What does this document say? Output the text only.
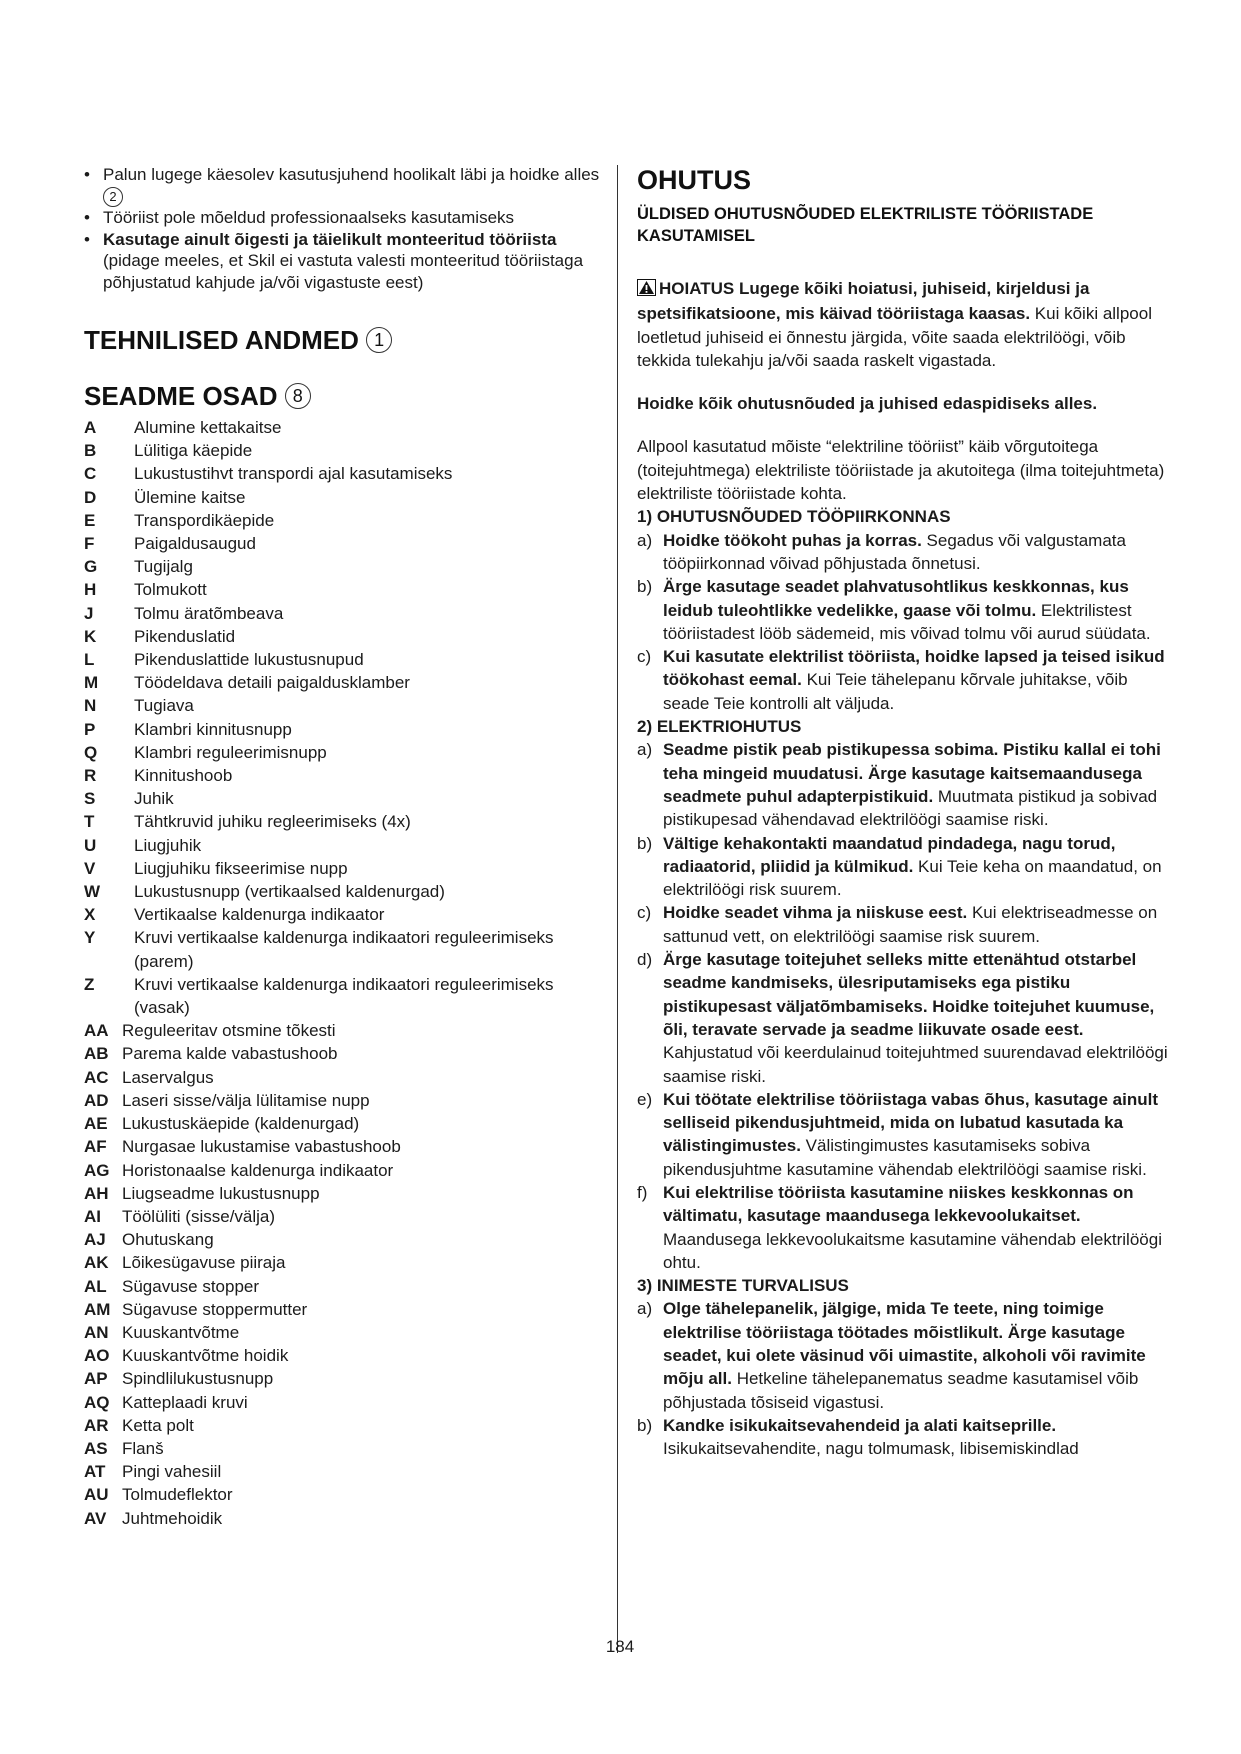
• Palun lugege käesolev kasutusjuhend hoolikalt läbi ja hoidke alles 2
• Tööriist pole mõeldud professionaalseks kasutamiseks
• Kasutage ainult õigesti ja täielikult monteeritud tööriista (pidage meeles, et Skil ei vastuta valesti monteeritud tööriistaga põhjustatud kahjude ja/või vigastuste eest)
TEHNILISED ANDMED 1
SEADME OSAD 8
A	Alumine kettakaitse
B	Lülitiga käepide
C	Lukustustihvt transpordi ajal kasutamiseks
D	Ülemine kaitse
E	Transpordikäepide
F	Paigaldusaugud
G	Tugijalg
H	Tolmukott
J	Tolmu äratõmbeava
K	Pikenduslatid
L	Pikenduslattide lukustusnupud
M	Töödeldava detaili paigaldusklamber
N	Tugiava
P	Klambri kinnitusnupp
Q	Klambri reguleerimisnupp
R	Kinnitushoob
S	Juhik
T	Tähtkruvid juhiku regleerimiseks (4x)
U	Liugjuhik
V	Liugjuhiku fikseerimise nupp
W	Lukustusnupp (vertikaalsed kaldenurgad)
X	Vertikaalse kaldenurga indikaator
Y	Kruvi vertikaalse kaldenurga indikaatori reguleerimiseks (parem)
Z	Kruvi vertikaalse kaldenurga indikaatori reguleerimiseks (vasak)
AA Reguleeritav otsmine tõkesti
AB Parema kalde vabastushoob
AC Laservalgus
AD Laseri sisse/välja lülitamise nupp
AE Lukustuskäepide (kaldenurgad)
AF Nurgasae lukustamise vabastushoob
AG Horistonaalse kaldenurga indikaator
AH Liugseadme lukustusnupp
AI	Töölüliti (sisse/välja)
AJ Ohutuskang
AK Lõikesügavuse piiraja
AL Sügavuse stopper
AM Sügavuse stoppermutter
AN Kuuskantvõtme
AO Kuuskantvõtme hoidik
AP Spindlilukustusnupp
AQ Katteplaadi kruvi
AR Ketta polt
AS Flanš
AT Pingi vahesiil
AU Tolmudeflektor
AV Juhtmehoidik
OHUTUS
ÜLDISED OHUTUSNÕUDED ELEKTRILISTE TÖÖRIISTADE KASUTAMISEL

HOIATUS Lugege kõiki hoiatusi, juhiseid, kirjeldusi ja spetsifikatsioone, mis käivad tööriistaga kaasas. Kui kõiki allpool loetletud juhiseid ei õnnestu järgida, võite saada elektrilöögi, võib tekkida tulekahju ja/või saada raskelt vigastada.

Hoidke kõik ohutusnõuded ja juhised edaspidiseks alles.

Allpool kasutatud mõiste “elektriline tööriist” käib võrgutoitega (toitejuhtmega) elektriliste tööriistade ja akutoitega (ilma toitejuhtmeta) elektriliste tööriistade kohta.

1) OHUTUSNÕUDED TÖÖPIIRKONNAS
a) Hoidke töökoht puhas ja korras. Segadus või valgustamata tööpiirkonnad võivad põhjustada õnnetusi.
b) Ärge kasutage seadet plahvatusohtlikus keskkonnas, kus leidub tuleohtlikke vedelikke, gaase või tolmu. Elektrilistest tööriistadest lööb sädemeid, mis võivad tolmu või aurud süüdata.
c) Kui kasutate elektrilist tööriista, hoidke lapsed ja teised isikud töökohast eemal. Kui Teie tähelepanu kõrvale juhitakse, võib seade Teie kontrolli alt väljuda.
2) ELEKTRIOHUTUS
a) Seadme pistik peab pistikupessa sobima. Pistiku kallal ei tohi teha mingeid muudatusi. Ärge kasutage kaitsemaandusega seadmete puhul adapterpistikuid. Muutmata pistikud ja sobivad pistikupesad vähendavad elektrilöögi saamise riski.
b) Vältige kehakontakti maandatud pindadega, nagu torud, radiaatorid, pliidid ja külmikud. Kui Teie keha on maandatud, on elektrilöögi risk suurem.
c) Hoidke seadet vihma ja niiskuse eest. Kui elektriseadmesse on sattunud vett, on elektrilöögi saamise risk suurem.
d) Ärge kasutage toitejuhet selleks mitte ettenähtud otstarbel seadme kandmiseks, ülesriputamiseks ega pistiku pistikupesast väljatõmbamiseks. Hoidke toitejuhet kuumuse, õli, teravate servade ja seadme liikuvate osade eest. Kahjustatud või keerdulainud toitejuhtmed suurendavad elektrilöögi saamise riski.
e) Kui töötate elektrilise tööriistaga vabas õhus, kasutage ainult selliseid pikendusjuhtmeid, mida on lubatud kasutada ka välistingimustes. Välistingimustes kasutamiseks sobiva pikendusjuhtme kasutamine vähendab elektrilöögi saamise riski.
f) Kui elektrilise tööriista kasutamine niiskes keskkonnas on vältimatu, kasutage maandusega lekkevoolukaitset. Maandusega lekkevoolukaitsme kasutamine vähendab elektrilöögi ohtu.
3) INIMESTE TURVALISUS
a) Olge tähelepanelik, jälgige, mida Te teete, ning toimige elektrilise tööriistaga töötades mõistlikult. Ärge kasutage seadet, kui olete väsinud või uimastite, alkoholi või ravimite mõju all. Hetkeline tähelepanematus seadme kasutamisel võib põhjustada tõsiseid vigastusi.
b) Kandke isikukaitsevahendeid ja alati kaitseprille. Isikukaitsevahendite, nagu tolmumask, libisemiskindlad
184
